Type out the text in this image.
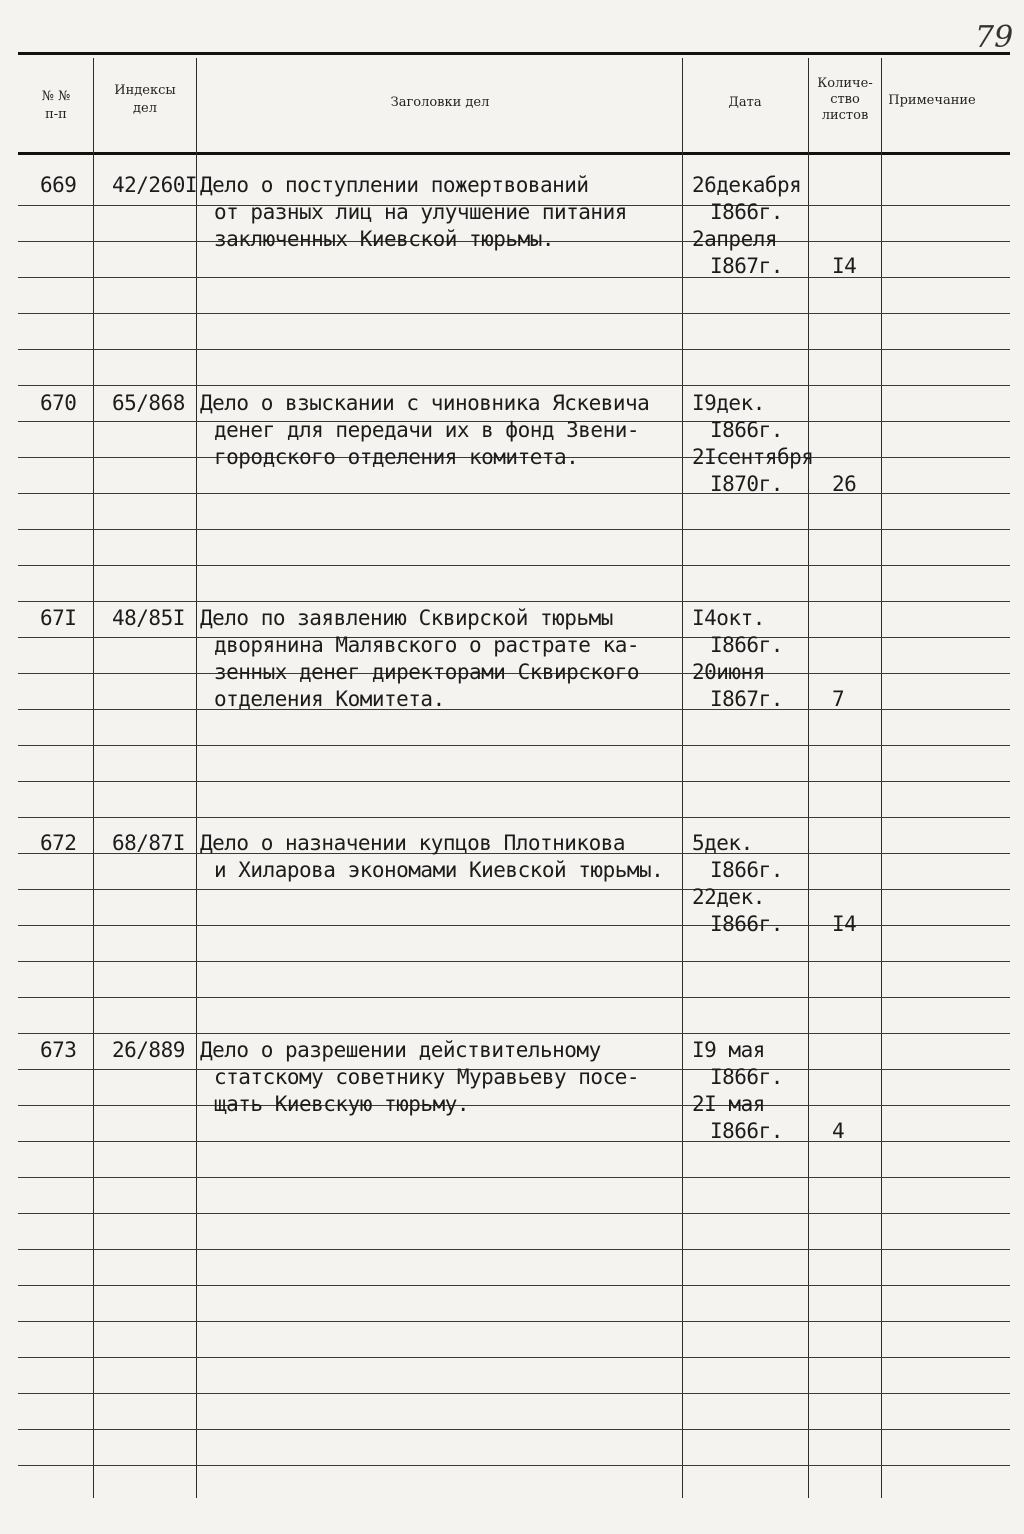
79
№ №
п-п
Индексы
дел	Заголовки дел	Дата
Количе-
ство
листов
Примечание
669 42/260I Дело о поступлении пожертвований
от разных лиц на улучшение питания
заключенных Киевской тюрьмы.
26декабря
I866г.
2апреля
I867г. I4
670 65/868 Дело о взыскании с чиновника Яскевича
денег для передачи их в фонд Звени-
городского отделения комитета.
I9дек.
I866г.
2Iсентября
I870г. 26
67I 48/85I Дело по заявлению Сквирской тюрьмы
дворянина Малявского о растрате ка-
зенных денег директорами Сквирского
отделения Комитета.
I4окт.
I866г.
20июня
I867г. 7
672 68/87I Дело о назначении купцов Плотникова
и Хиларова экономами Киевской тюрьмы.
5дек.
I866г.
22дек.
I866г. I4
673 26/889 Дело о разрешении действительному
статскому советнику Муравьеву посе-
щать Киевскую тюрьму.
I9 мая
I866г.
2I мая
I866г. 4
